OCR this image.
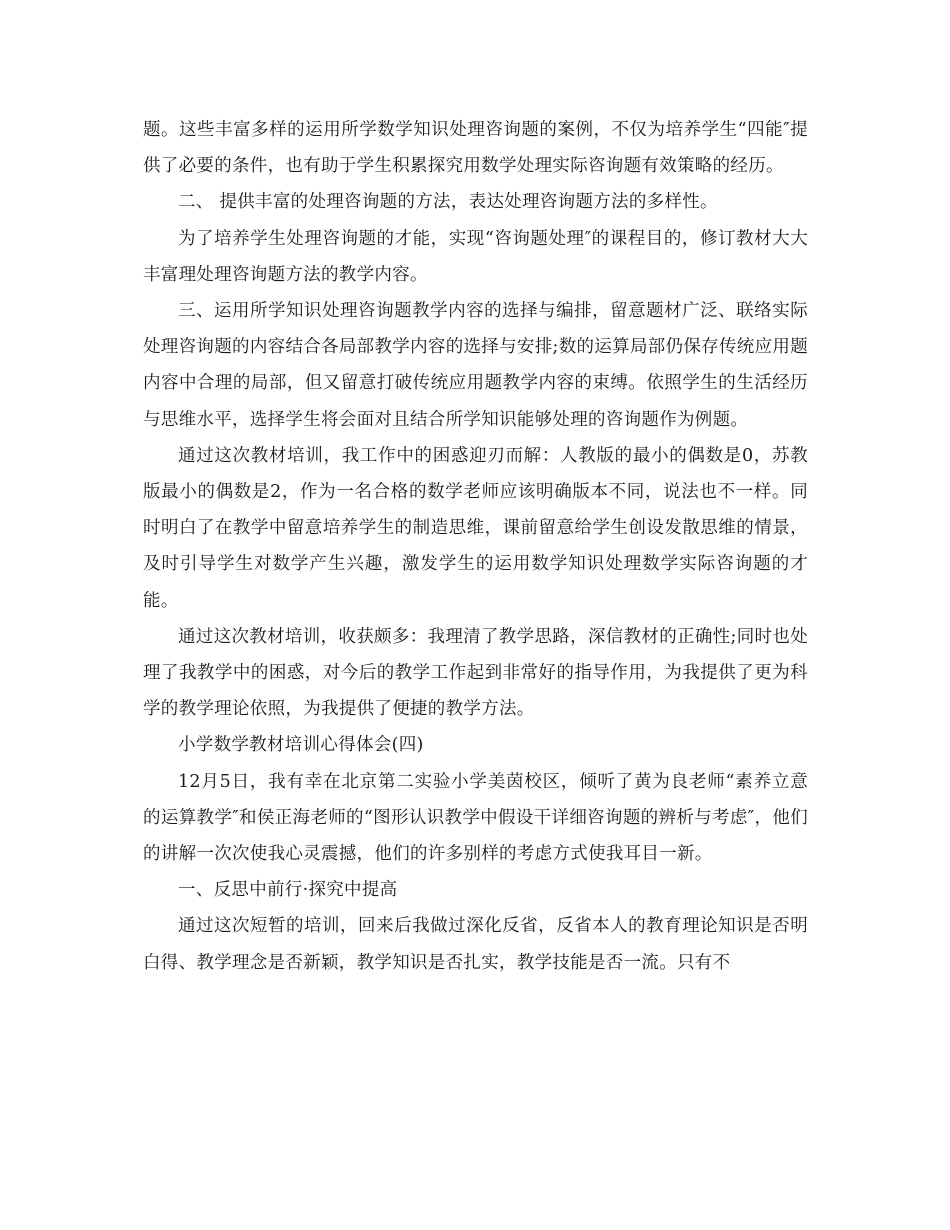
题。这些丰富多样的运用所学数学知识处理咨询题的案例，不仅为培养学生“四能″提供了必要的条件，也有助于学生积累探究用数学处理实际咨询题有效策略的经历。

二、 提供丰富的处理咨询题的方法，表达处理咨询题方法的多样性。

为了培养学生处理咨询题的才能，实现“咨询题处理″的课程目的，修订教材大大丰富理处理咨询题方法的教学内容。

三、运用所学知识处理咨询题教学内容的选择与编排，留意题材广泛、联络实际处理咨询题的内容结合各局部教学内容的选择与安排;数的运算局部仍保存传统应用题内容中合理的局部，但又留意打破传统应用题教学内容的束缚。依照学生的生活经历与思维水平，选择学生将会面对且结合所学知识能够处理的咨询题作为例题。

通过这次教材培训，我工作中的困惑迎刃而解：人教版的最小的偶数是0，苏教版最小的偶数是2，作为一名合格的数学老师应该明确版本不同，说法也不一样。同时明白了在教学中留意培养学生的制造思维，课前留意给学生创设发散思维的情景，及时引导学生对数学产生兴趣，激发学生的运用数学知识处理数学实际咨询题的才能。

通过这次教材培训，收获颇多：我理清了教学思路，深信教材的正确性;同时也处理了我教学中的困惑，对今后的教学工作起到非常好的指导作用，为我提供了更为科学的教学理论依照，为我提供了便捷的教学方法。

小学数学教材培训心得体会(四)

12月5日，我有幸在北京第二实验小学美茵校区，倾听了黄为良老师“素养立意的运算教学″和侯正海老师的“图形认识教学中假设干详细咨询题的辨析与考虑″，他们的讲解一次次使我心灵震撼，他们的许多别样的考虑方式使我耳目一新。

一、反思中前行·探究中提高

通过这次短暂的培训，回来后我做过深化反省，反省本人的教育理论知识是否明白得、教学理念是否新颖，教学知识是否扎实，教学技能是否一流。只有不
